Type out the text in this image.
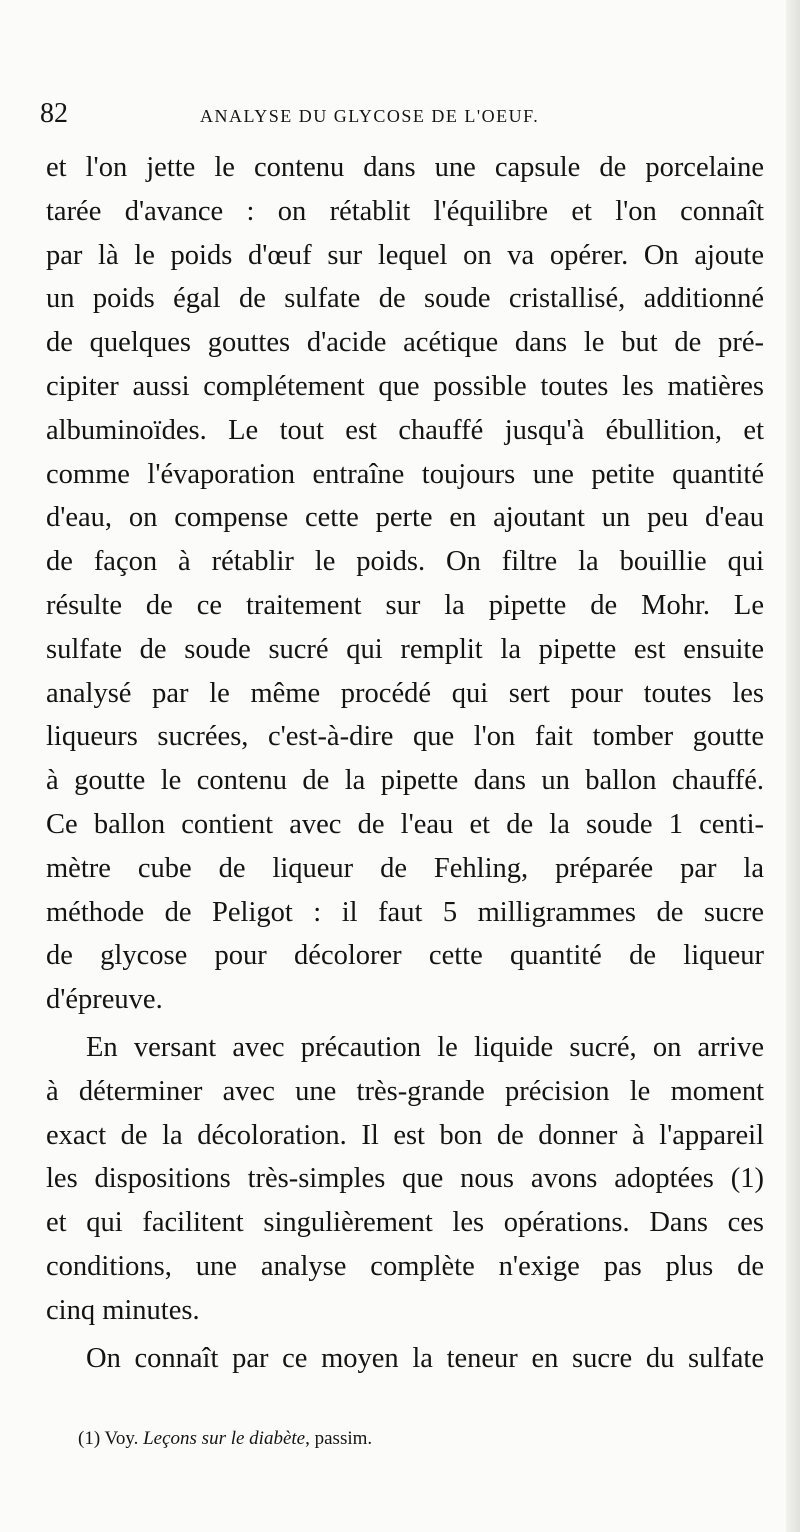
82	ANALYSE DU GLYCOSE DE L'OEUF.

et l'on jette le contenu dans une capsule de porcelaine
tarée d'avance : on rétablit l'équilibre et l'on connaît
par là le poids d'œuf sur lequel on va opérer. On ajoute
un poids égal de sulfate de soude cristallisé, additionné
de quelques gouttes d'acide acétique dans le but de pré-
cipiter aussi complétement que possible toutes les matières
albuminoïdes. Le tout est chauffé jusqu'à ébullition, et
comme l'évaporation entraîne toujours une petite quantité
d'eau, on compense cette perte en ajoutant un peu d'eau
de façon à rétablir le poids. On filtre la bouillie qui
résulte de ce traitement sur la pipette de Mohr. Le
sulfate de soude sucré qui remplit la pipette est ensuite
analysé par le même procédé qui sert pour toutes les
liqueurs sucrées, c'est-à-dire que l'on fait tomber goutte
à goutte le contenu de la pipette dans un ballon chauffé.
Ce ballon contient avec de l'eau et de la soude 1 centi-
mètre cube de liqueur de Fehling, préparée par la
méthode de Peligot : il faut 5 milligrammes de sucre
de glycose pour décolorer cette quantité de liqueur
d'épreuve.

En versant avec précaution le liquide sucré, on arrive
à déterminer avec une très-grande précision le moment
exact de la décoloration. Il est bon de donner à l'appareil
les dispositions très-simples que nous avons adoptées (1)
et qui facilitent singulièrement les opérations. Dans ces
conditions, une analyse complète n'exige pas plus de
cinq minutes.

On connaît par ce moyen la teneur en sucre du sulfate

(1) Voy. Leçons sur le diabète, passim.
